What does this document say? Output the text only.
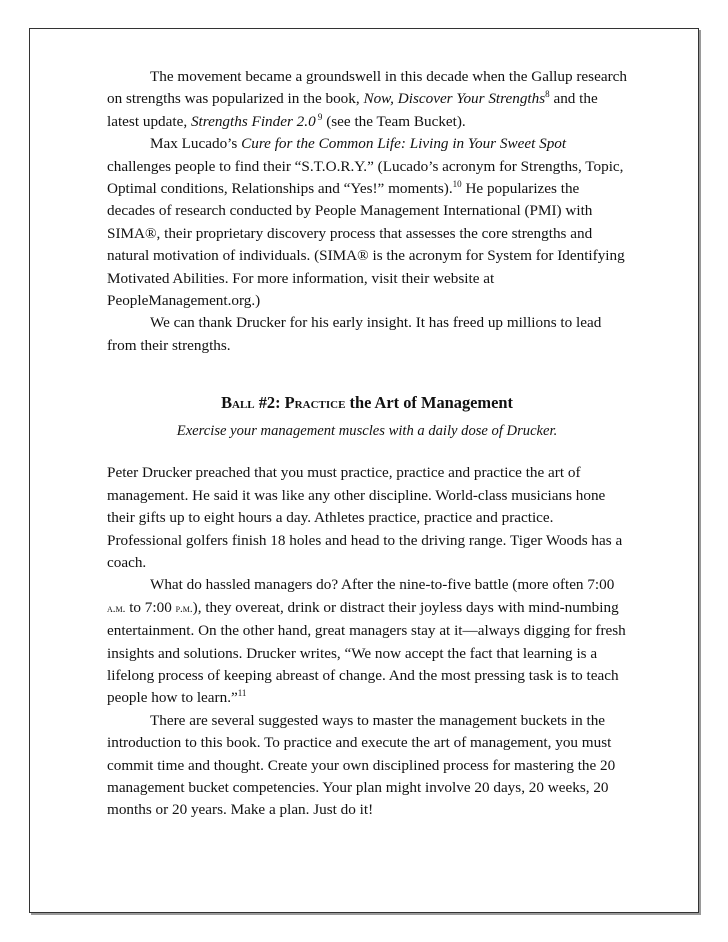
The movement became a groundswell in this decade when the Gallup research on strengths was popularized in the book, Now, Discover Your Strengths$^8$ and the latest update, Strengths Finder 2.0 $^9$ (see the Team Bucket).

Max Lucado’s Cure for the Common Life: Living in Your Sweet Spot challenges people to find their “S.T.O.R.Y.” (Lucado’s acronym for Strengths, Topic, Optimal conditions, Relationships and “Yes!” moments).$^{10}$ He popularizes the decades of research conducted by People Management International (PMI) with SIMA®, their proprietary discovery process that assesses the core strengths and natural motivation of individuals. (SIMA® is the acronym for System for Identifying Motivated Abilities. For more information, visit their website at PeopleManagement.org.)

We can thank Drucker for his early insight. It has freed up millions to lead from their strengths.

Ball #2: Practice the Art of Management

Exercise your management muscles with a daily dose of Drucker.

Peter Drucker preached that you must practice, practice and practice the art of management. He said it was like any other discipline. World-class musicians hone their gifts up to eight hours a day. Athletes practice, practice and practice. Professional golfers finish 18 holes and head to the driving range. Tiger Woods has a coach.

What do hassled managers do? After the nine-to-five battle (more often 7:00 a.m. to 7:00 p.m.), they overeat, drink or distract their joyless days with mind-numbing entertainment. On the other hand, great managers stay at it—always digging for fresh insights and solutions. Drucker writes, “We now accept the fact that learning is a lifelong process of keeping abreast of change. And the most pressing task is to teach people how to learn.”$^{11}$

There are several suggested ways to master the management buckets in the introduction to this book. To practice and execute the art of management, you must commit time and thought. Create your own disciplined process for mastering the 20 management bucket competencies. Your plan might involve 20 days, 20 weeks, 20 months or 20 years. Make a plan. Just do it!
